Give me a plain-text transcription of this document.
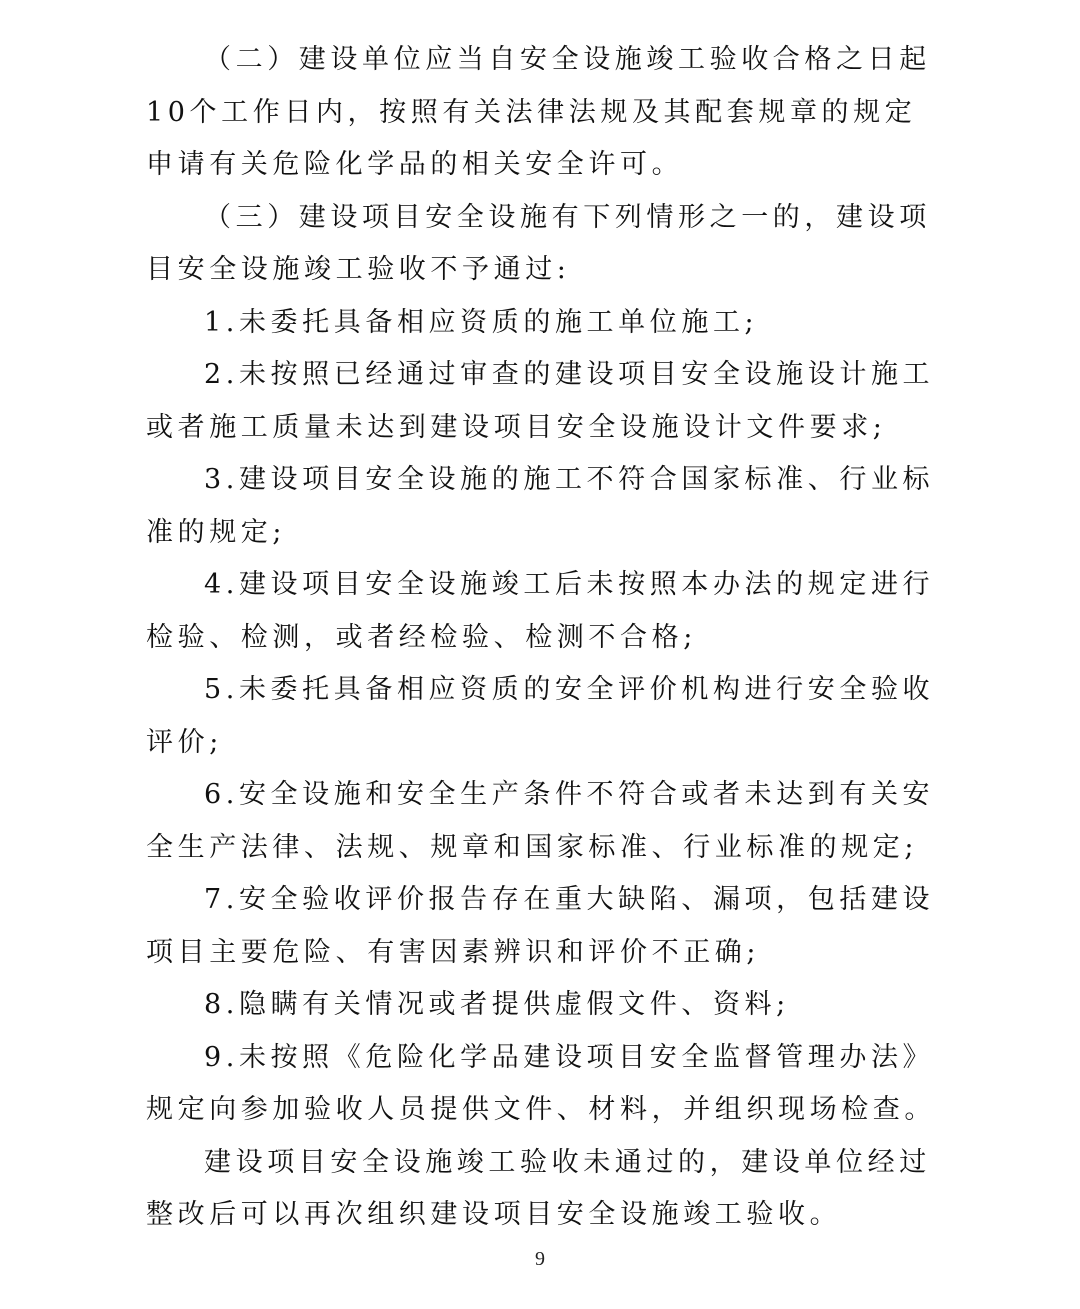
（二）建设单位应当自安全设施竣工验收合格之日起10个工作日内，按照有关法律法规及其配套规章的规定申请有关危险化学品的相关安全许可。

（三）建设项目安全设施有下列情形之一的，建设项目安全设施竣工验收不予通过:

1.未委托具备相应资质的施工单位施工;

2.未按照已经通过审查的建设项目安全设施设计施工或者施工质量未达到建设项目安全设施设计文件要求;

3.建设项目安全设施的施工不符合国家标准、行业标准的规定;

4.建设项目安全设施竣工后未按照本办法的规定进行检验、检测，或者经检验、检测不合格;

5.未委托具备相应资质的安全评价机构进行安全验收评价;

6.安全设施和安全生产条件不符合或者未达到有关安全生产法律、法规、规章和国家标准、行业标准的规定;

7.安全验收评价报告存在重大缺陷、漏项，包括建设项目主要危险、有害因素辨识和评价不正确;

8.隐瞒有关情况或者提供虚假文件、资料;

9.未按照《危险化学品建设项目安全监督管理办法》规定向参加验收人员提供文件、材料，并组织现场检查。

建设项目安全设施竣工验收未通过的，建设单位经过整改后可以再次组织建设项目安全设施竣工验收。

9
